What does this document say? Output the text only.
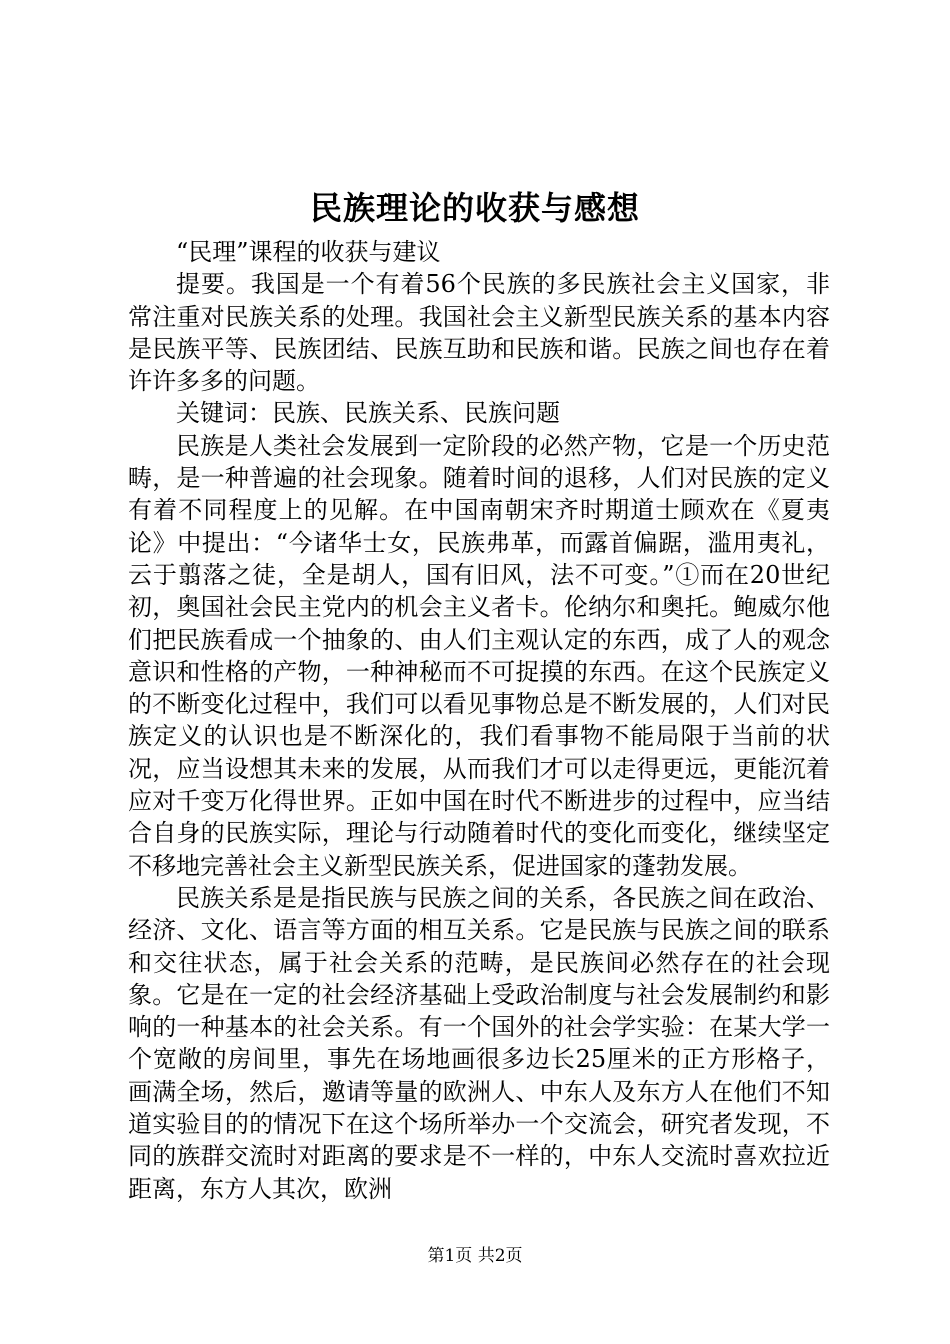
民族理论的收获与感想

“民理”课程的收获与建议

提要。我国是一个有着56个民族的多民族社会主义国家，非常注重对民族关系的处理。我国社会主义新型民族关系的基本内容是民族平等、民族团结、民族互助和民族和谐。民族之间也存在着许许多多的问题。

关键词：民族、民族关系、民族问题

民族是人类社会发展到一定阶段的必然产物，它是一个历史范畴，是一种普遍的社会现象。随着时间的退移，人们对民族的定义有着不同程度上的见解。在中国南朝宋齐时期道士顾欢在《夏夷论》中提出：“今诸华士女，民族弗革，而露首偏踞，滥用夷礼，云于翦落之徒，全是胡人，国有旧风，法不可变。”①而在20世纪初，奥国社会民主党内的机会主义者卡。伦纳尔和奥托。鲍威尔他们把民族看成一个抽象的、由人们主观认定的东西，成了人的观念意识和性格的产物，一种神秘而不可捉摸的东西。在这个民族定义的不断变化过程中，我们可以看见事物总是不断发展的，人们对民族定义的认识也是不断深化的，我们看事物不能局限于当前的状况，应当设想其未来的发展，从而我们才可以走得更远，更能沉着应对千变万化得世界。正如中国在时代不断进步的过程中，应当结合自身的民族实际，理论与行动随着时代的变化而变化，继续坚定不移地完善社会主义新型民族关系，促进国家的蓬勃发展。

民族关系是是指民族与民族之间的关系，各民族之间在政治、经济、文化、语言等方面的相互关系。它是民族与民族之间的联系和交往状态，属于社会关系的范畴，是民族间必然存在的社会现象。它是在一定的社会经济基础上受政治制度与社会发展制约和影响的一种基本的社会关系。有一个国外的社会学实验：在某大学一个宽敞的房间里，事先在场地画很多边长25厘米的正方形格子，画满全场，然后，邀请等量的欧洲人、中东人及东方人在他们不知道实验目的的情况下在这个场所举办一个交流会，研究者发现，不同的族群交流时对距离的要求是不一样的，中东人交流时喜欢拉近距离，东方人其次，欧洲

第1页 共2页
